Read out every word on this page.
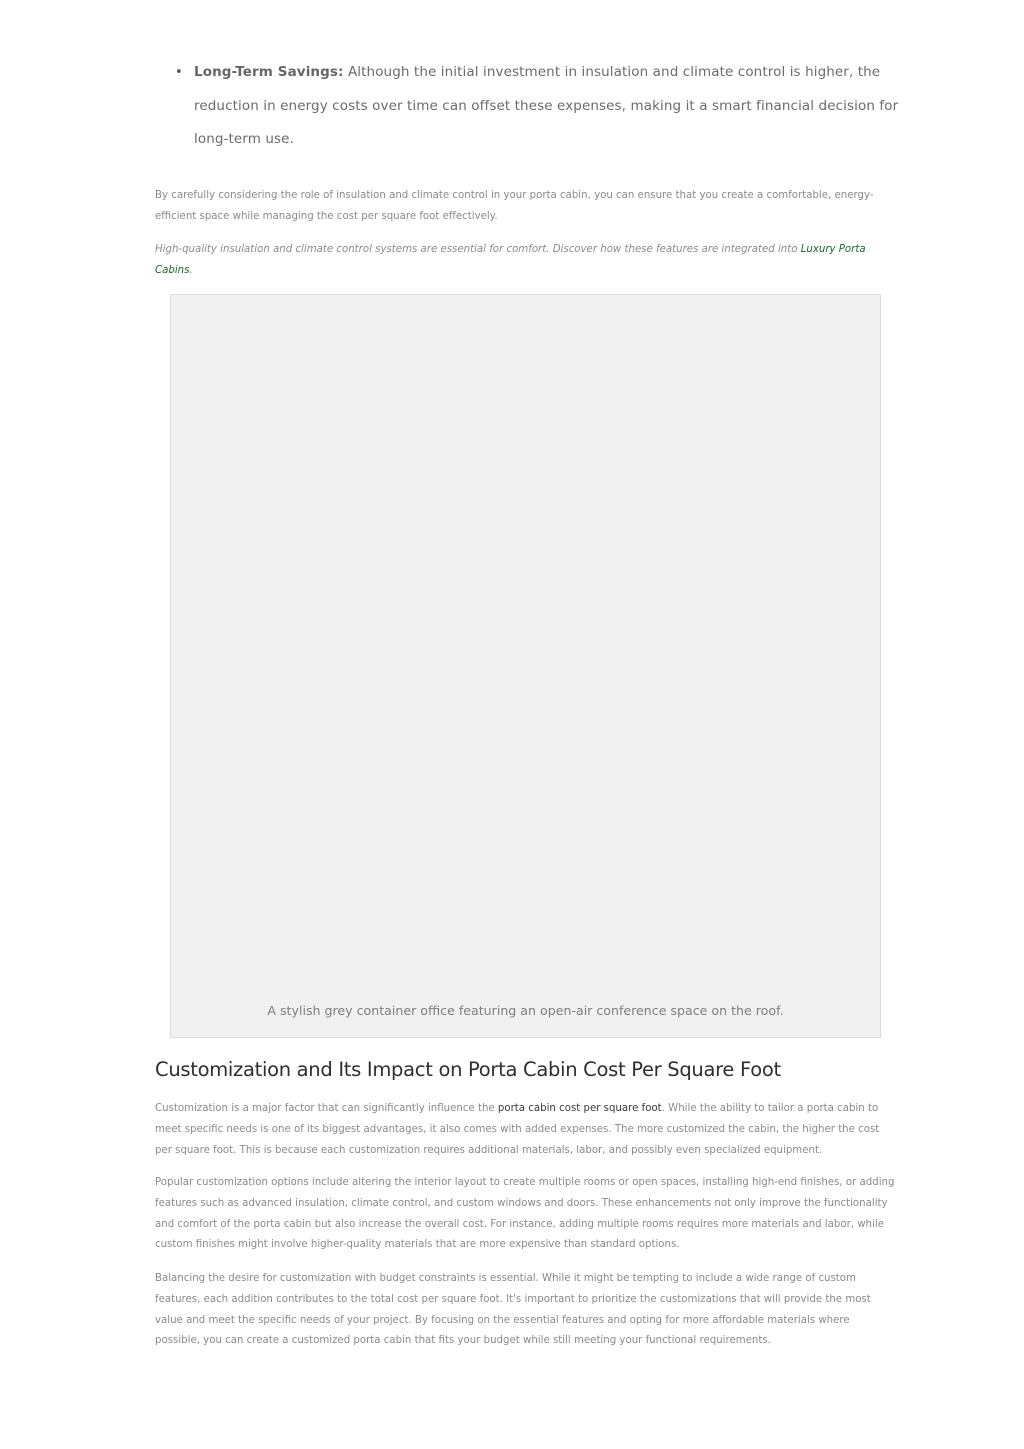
• Long-Term Savings: Although the initial investment in insulation and climate control is higher, the reduction in energy costs over time can offset these expenses, making it a smart financial decision for long-term use.

By carefully considering the role of insulation and climate control in your porta cabin, you can ensure that you create a comfortable, energy-efficient space while managing the cost per square foot effectively.

High-quality insulation and climate control systems are essential for comfort. Discover how these features are integrated into Luxury Porta Cabins.

A stylish grey container office featuring an open-air conference space on the roof.
Customization and Its Impact on Porta Cabin Cost Per Square Foot

Customization is a major factor that can significantly influence the porta cabin cost per square foot. While the ability to tailor a porta cabin to meet specific needs is one of its biggest advantages, it also comes with added expenses. The more customized the cabin, the higher the cost per square foot. This is because each customization requires additional materials, labor, and possibly even specialized equipment.

Popular customization options include altering the interior layout to create multiple rooms or open spaces, installing high-end finishes, or adding features such as advanced insulation, climate control, and custom windows and doors. These enhancements not only improve the functionality and comfort of the porta cabin but also increase the overall cost. For instance, adding multiple rooms requires more materials and labor, while custom finishes might involve higher-quality materials that are more expensive than standard options.

Balancing the desire for customization with budget constraints is essential. While it might be tempting to include a wide range of custom features, each addition contributes to the total cost per square foot. It's important to prioritize the customizations that will provide the most value and meet the specific needs of your project. By focusing on the essential features and opting for more affordable materials where possible, you can create a customized porta cabin that fits your budget while still meeting your functional requirements.
